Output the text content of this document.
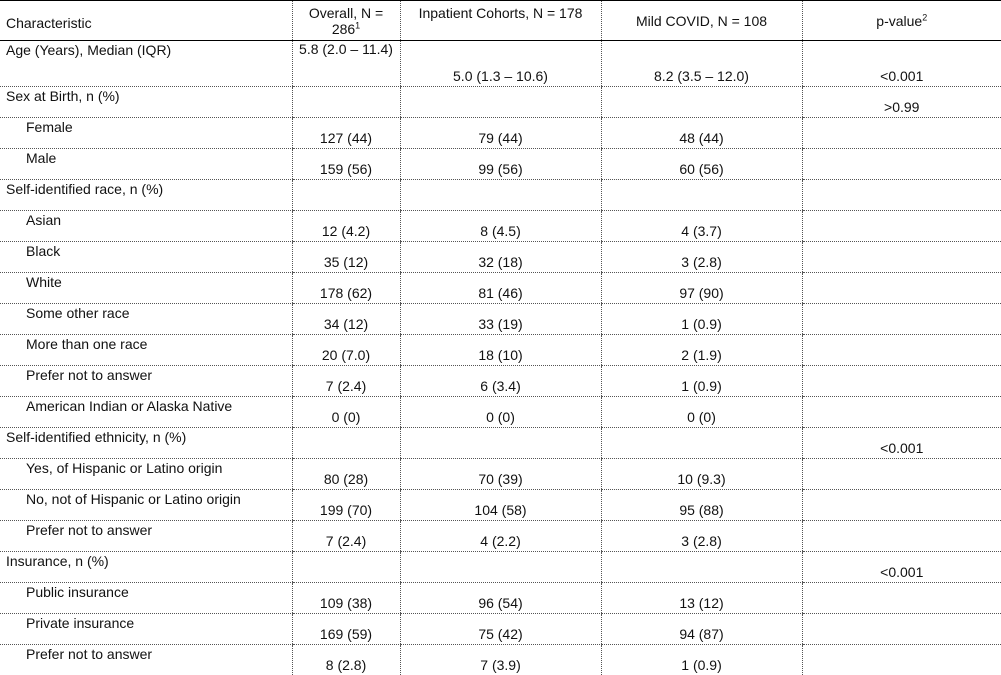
Characteristic	Overall, $N = 286^1$	Inpatient Cohorts, N = 178	Mild COVID, N = 108	p-value$^2$
Age (Years), Median (IQR)	5.8 (2.0 – 11.4)	5.0 (1.3 – 10.6)	8.2 (3.5 – 12.0)	<0.001
Sex at Birth, n (%)				>0.99
Female	127 (44)	79 (44)	48 (44)	
Male	159 (56)	99 (56)	60 (56)	
Self-identified race, n (%)				
Asian	12 (4.2)	8 (4.5)	4 (3.7)	
Black	35 (12)	32 (18)	3 (2.8)	
White	178 (62)	81 (46)	97 (90)	
Some other race	34 (12)	33 (19)	1 (0.9)	
More than one race	20 (7.0)	18 (10)	2 (1.9)	
Prefer not to answer	7 (2.4)	6 (3.4)	1 (0.9)	
American Indian or Alaska Native	0 (0)	0 (0)	0 (0)	
Self-identified ethnicity, n (%)				<0.001
Yes, of Hispanic or Latino origin	80 (28)	70 (39)	10 (9.3)	
No, not of Hispanic or Latino origin	199 (70)	104 (58)	95 (88)	
Prefer not to answer	7 (2.4)	4 (2.2)	3 (2.8)	
Insurance, n (%)				<0.001
Public insurance	109 (38)	96 (54)	13 (12)	
Private insurance	169 (59)	75 (42)	94 (87)	
Prefer not to answer	8 (2.8)	7 (3.9)	1 (0.9)	
